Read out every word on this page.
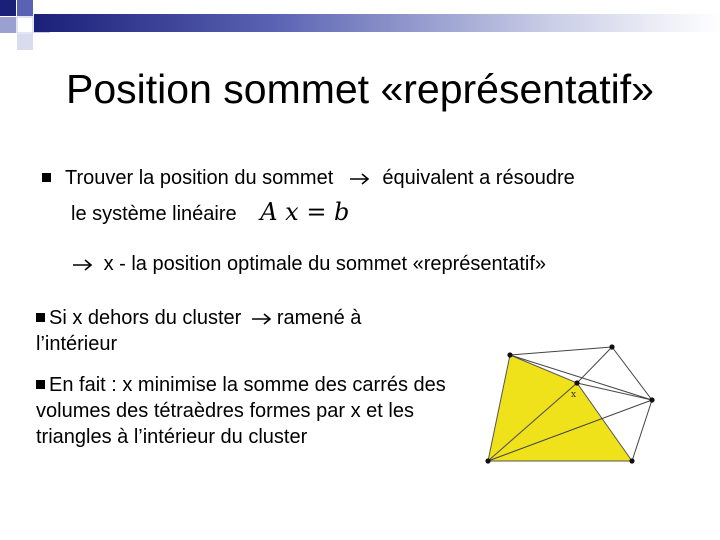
Position sommet «représentatif»
Trouver la position du sommet équivalent a résoudre
le système linéaire A x = b
x - la position optimale du sommet «représentatif»
Si x dehors du cluster ramené à
l’intérieur
En fait : x minimise la somme des carrés des volumes des tétraèdres formes par x et les triangles à l’intérieur du cluster
x
